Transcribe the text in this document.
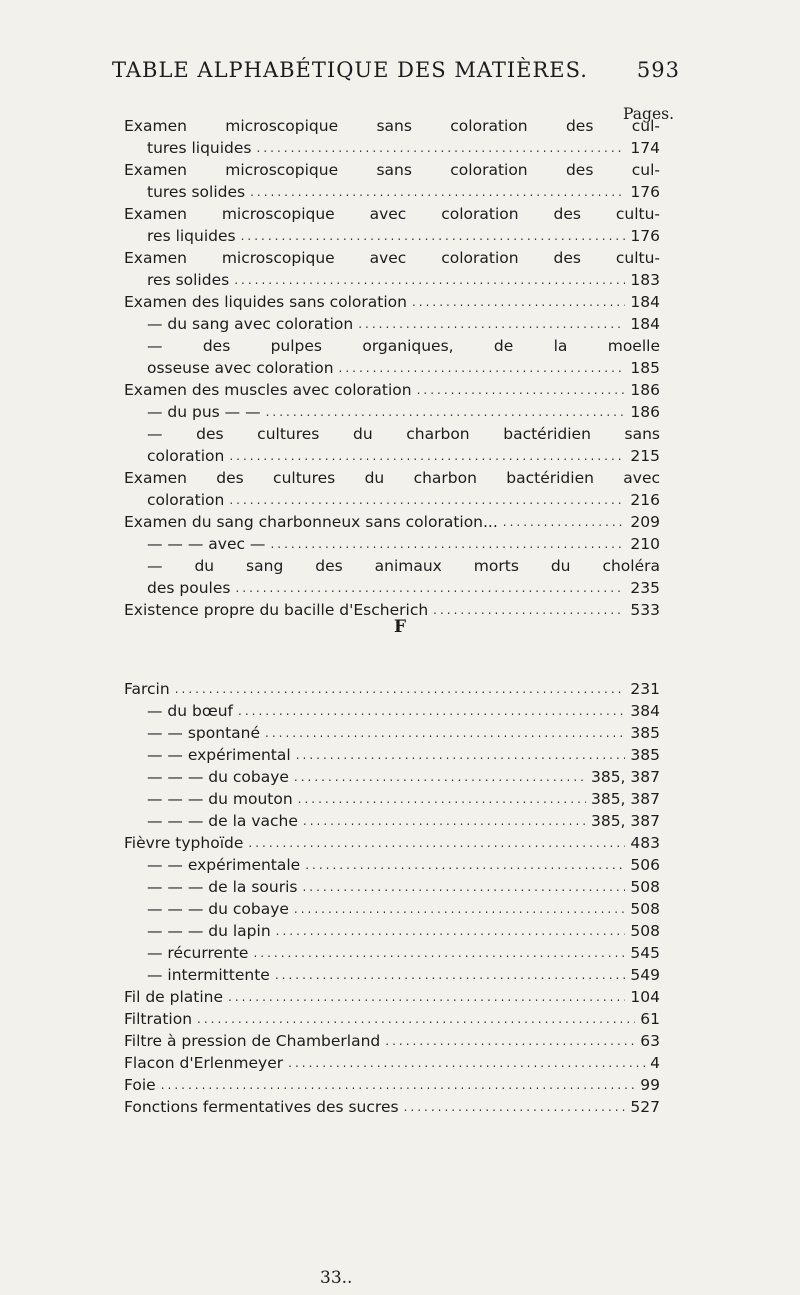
TABLE ALPHABÉTIQUE DES MATIÈRES. 593
Pages.
Examen microscopique sans coloration des cul-
tures liquides .....	174
Examen microscopique sans coloration des cul-
tures solides .....	176
Examen microscopique avec coloration des cultu-
res liquides .....	176
Examen microscopique avec coloration des cultu-
res solides .....	183
Examen des liquides sans coloration .....	184
— du sang avec coloration .....	184
— des pulpes organiques, de la moelle
osseuse avec coloration .....	185
Examen des muscles avec coloration .....	186
— du pus — — .....	186
— des cultures du charbon bactéridien sans
coloration .....	215
Examen des cultures du charbon bactéridien avec
coloration .....	216
Examen du sang charbonneux sans coloration... .....	209
— — — avec — .....	210
— du sang des animaux morts du choléra
des poules .....	235
Existence propre du bacille d'Escherich .....	533
F
Farcin .....	231
— du bœuf .....	384
— — spontané .....	385
— — expérimental .....	385
— — — du cobaye .....	385, 387
— — — du mouton .....	385, 387
— — — de la vache .....	385, 387
Fièvre typhoïde .....	483
— — expérimentale .....	506
— — — de la souris .....	508
— — — du cobaye .....	508
— — — du lapin .....	508
— récurrente .....	545
— intermittente .....	549
Fil de platine .....	104
Filtration .....	61
Filtre à pression de Chamberland .....	63
Flacon d'Erlenmeyer .....	4
Foie .....	99
Fonctions fermentatives des sucres .....	527
33..
